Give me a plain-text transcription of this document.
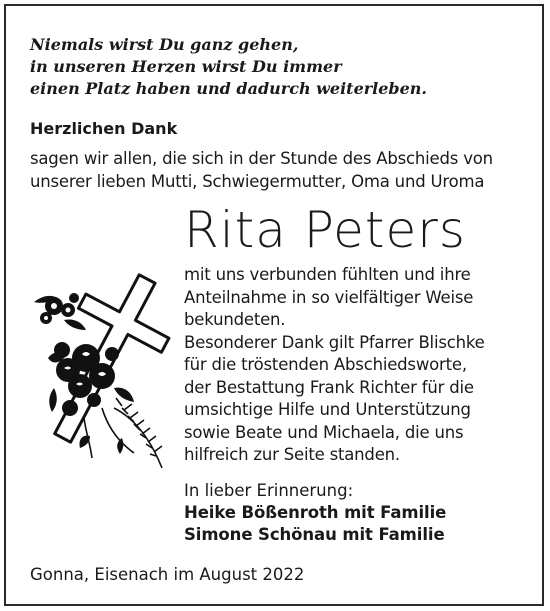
Niemals wirst Du ganz gehen,
in unseren Herzen wirst Du immer
einen Platz haben und dadurch weiterleben.
Herzlichen Dank
sagen wir allen, die sich in der Stunde des Abschieds von
unserer lieben Mutti, Schwiegermutter, Oma und Uroma
Rita Peters
mit uns verbunden fühlten und ihre
Anteilnahme in so vielfältiger Weise
bekundeten.
Besonderer Dank gilt Pfarrer Blischke
für die tröstenden Abschiedsworte,
der Bestattung Frank Richter für die
umsichtige Hilfe und Unterstützung
sowie Beate und Michaela, die uns
hilfreich zur Seite standen.
In lieber Erinnerung:
Heike Bößenroth mit Familie
Simone Schönau mit Familie
Gonna, Eisenach im August 2022
